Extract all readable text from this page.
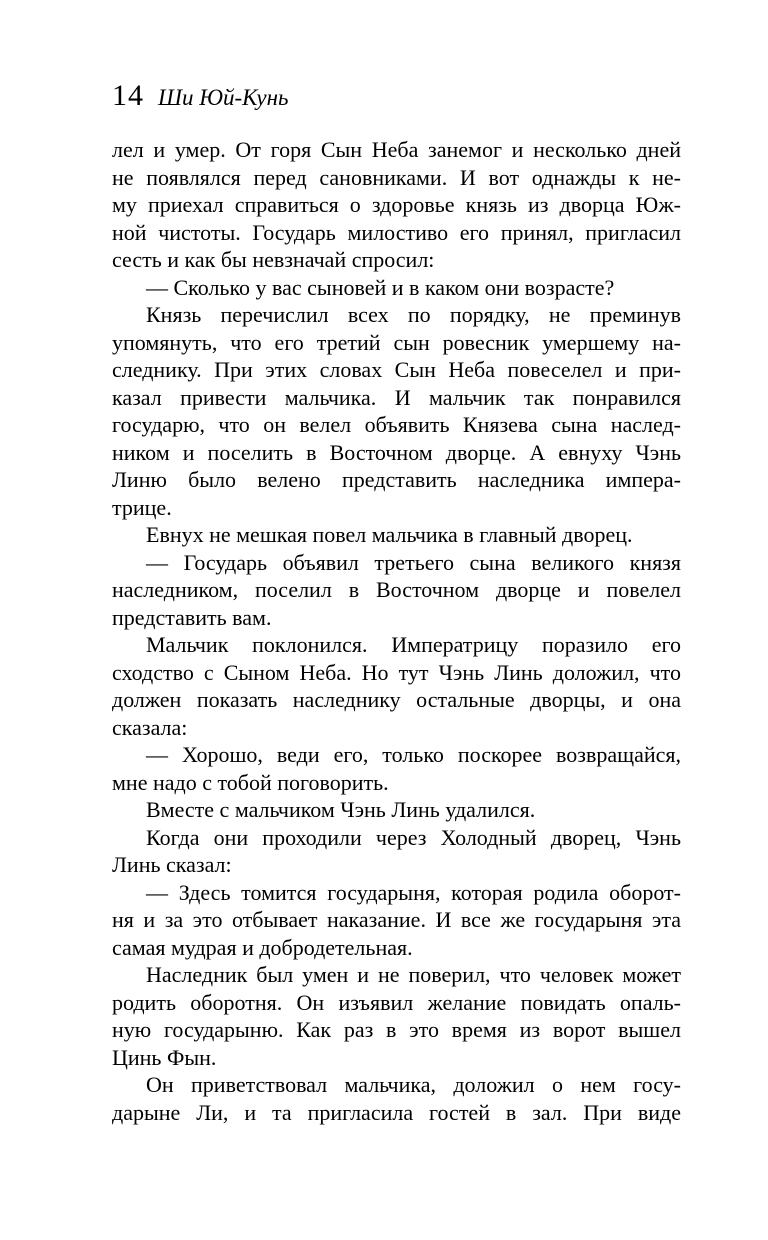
14 Ши Юй-Кунь
лел и умер. От горя Сын Неба занемог и несколько дней
не появлялся перед сановниками. И вот однажды к не-
му приехал справиться о здоровье князь из дворца Юж-
ной чистоты. Государь милостиво его принял, пригласил
сесть и как бы невзначай спросил:
— Сколько у вас сыновей и в каком они возрасте?
Князь перечислил всех по порядку, не преминув
упомянуть, что его третий сын ровесник умершему на-
следнику. При этих словах Сын Неба повеселел и при-
казал привести мальчика. И мальчик так понравился
государю, что он велел объявить Князева сына наслед-
ником и поселить в Восточном дворце. А евнуху Чэнь
Линю было велено представить наследника импера-
трице.
Евнух не мешкая повел мальчика в главный дворец.
— Государь объявил третьего сына великого князя
наследником, поселил в Восточном дворце и повелел
представить вам.
Мальчик поклонился. Императрицу поразило его
сходство с Сыном Неба. Но тут Чэнь Линь доложил, что
должен показать наследнику остальные дворцы, и она
сказала:
— Хорошо, веди его, только поскорее возвращайся,
мне надо с тобой поговорить.
Вместе с мальчиком Чэнь Линь удалился.
Когда они проходили через Холодный дворец, Чэнь
Линь сказал:
— Здесь томится государыня, которая родила оборот-
ня и за это отбывает наказание. И все же государыня эта
самая мудрая и добродетельная.
Наследник был умен и не поверил, что человек может
родить оборотня. Он изъявил желание повидать опаль-
ную государыню. Как раз в это время из ворот вышел
Цинь Фын.
Он приветствовал мальчика, доложил о нем госу-
дарыне Ли, и та пригласила гостей в зал. При виде
